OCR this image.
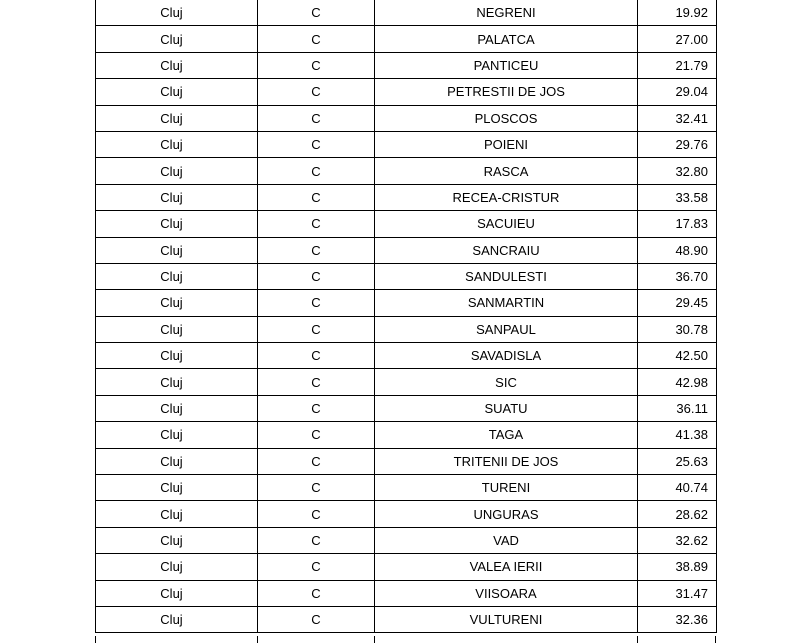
Cluj	C	NEGRENI	19.92
Cluj	C	PALATCA	27.00
Cluj	C	PANTICEU	21.79
Cluj	C	PETRESTII DE JOS	29.04
Cluj	C	PLOSCOS	32.41
Cluj	C	POIENI	29.76
Cluj	C	RASCA	32.80
Cluj	C	RECEA-CRISTUR	33.58
Cluj	C	SACUIEU	17.83
Cluj	C	SANCRAIU	48.90
Cluj	C	SANDULESTI	36.70
Cluj	C	SANMARTIN	29.45
Cluj	C	SANPAUL	30.78
Cluj	C	SAVADISLA	42.50
Cluj	C	SIC	42.98
Cluj	C	SUATU	36.11
Cluj	C	TAGA	41.38
Cluj	C	TRITENII DE JOS	25.63
Cluj	C	TURENI	40.74
Cluj	C	UNGURAS	28.62
Cluj	C	VAD	32.62
Cluj	C	VALEA IERII	38.89
Cluj	C	VIISOARA	31.47
Cluj	C	VULTURENI	32.36
